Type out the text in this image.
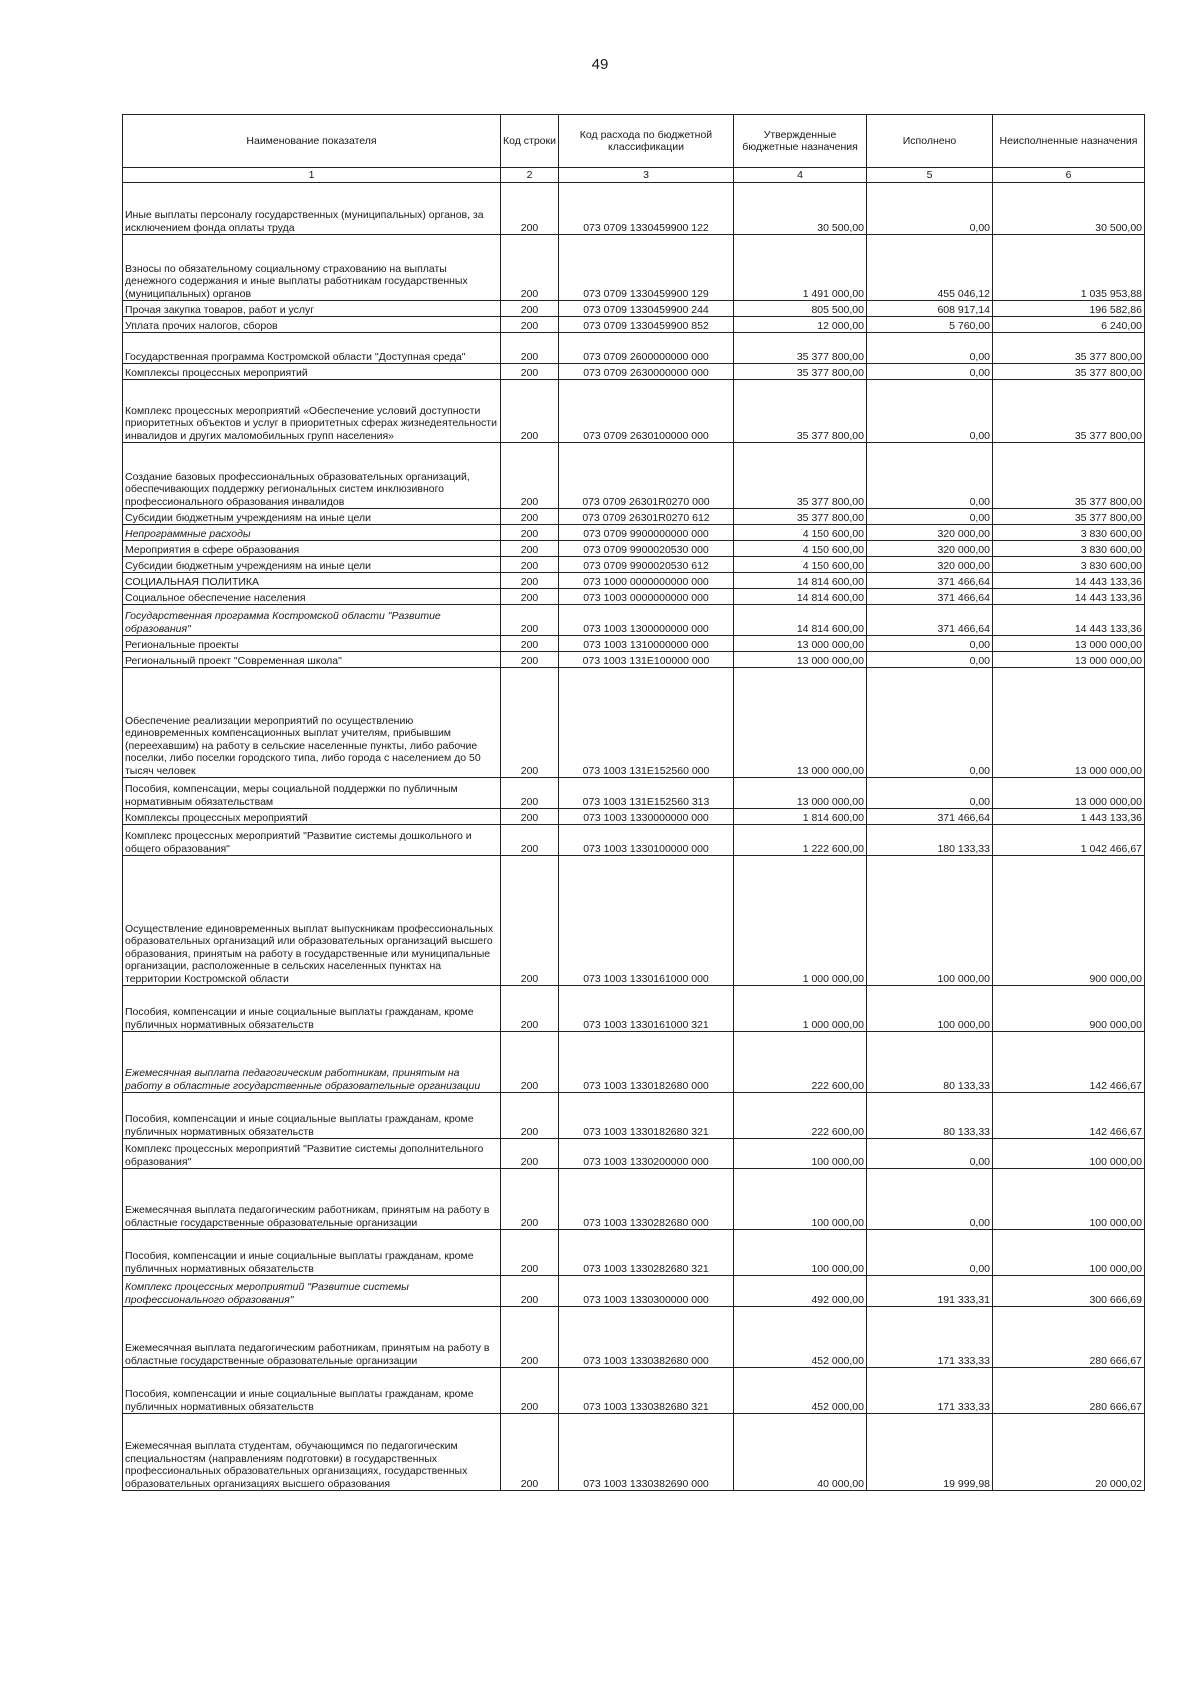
49
Наименование показателя	Код строки	Код расхода по бюджетной классификации	Утвержденные бюджетные назначения	Исполнено	Неисполненные назначения
1	2	3	4	5	6
Иные выплаты персоналу государственных (муниципальных) органов, за исключением фонда оплаты труда	200	073 0709 1330459900 122	30 500,00	0,00	30 500,00
Взносы по обязательному социальному страхованию на выплаты денежного содержания и иные выплаты работникам государственных (муниципальных) органов	200	073 0709 1330459900 129	1 491 000,00	455 046,12	1 035 953,88
Прочая закупка товаров, работ и услуг	200	073 0709 1330459900 244	805 500,00	608 917,14	196 582,86
Уплата прочих налогов, сборов	200	073 0709 1330459900 852	12 000,00	5 760,00	6 240,00
Государственная программа Костромской области "Доступная среда"	200	073 0709 2600000000 000	35 377 800,00	0,00	35 377 800,00
Комплексы процессных мероприятий	200	073 0709 2630000000 000	35 377 800,00	0,00	35 377 800,00
Комплекс процессных мероприятий «Обеспечение условий доступности приоритетных объектов и услуг в приоритетных сферах жизнедеятельности инвалидов и других маломобильных групп населения»	200	073 0709 2630100000 000	35 377 800,00	0,00	35 377 800,00
Создание базовых профессиональных образовательных организаций, обеспечивающих поддержку региональных систем инклюзивного профессионального образования инвалидов	200	073 0709 26301R0270 000	35 377 800,00	0,00	35 377 800,00
Субсидии бюджетным учреждениям на иные цели	200	073 0709 26301R0270 612	35 377 800,00	0,00	35 377 800,00
Непрограммные расходы	200	073 0709 9900000000 000	4 150 600,00	320 000,00	3 830 600,00
Мероприятия в сфере образования	200	073 0709 9900020530 000	4 150 600,00	320 000,00	3 830 600,00
Субсидии бюджетным учреждениям на иные цели	200	073 0709 9900020530 612	4 150 600,00	320 000,00	3 830 600,00
СОЦИАЛЬНАЯ ПОЛИТИКА	200	073 1000 0000000000 000	14 814 600,00	371 466,64	14 443 133,36
Социальное обеспечение населения	200	073 1003 0000000000 000	14 814 600,00	371 466,64	14 443 133,36
Государственная программа Костромской области "Развитие образования"	200	073 1003 1300000000 000	14 814 600,00	371 466,64	14 443 133,36
Региональные проекты	200	073 1003 1310000000 000	13 000 000,00	0,00	13 000 000,00
Региональный проект "Современная школа"	200	073 1003 131E100000 000	13 000 000,00	0,00	13 000 000,00
Обеспечение реализации мероприятий по осуществлению единовременных компенсационных выплат учителям, прибывшим (переехавшим) на работу в сельские населенные пункты, либо рабочие поселки, либо поселки городского типа, либо города с населением до 50 тысяч человек	200	073 1003 131E152560 000	13 000 000,00	0,00	13 000 000,00
Пособия, компенсации, меры социальной поддержки по публичным нормативным обязательствам	200	073 1003 131E152560 313	13 000 000,00	0,00	13 000 000,00
Комплексы процессных мероприятий	200	073 1003 1330000000 000	1 814 600,00	371 466,64	1 443 133,36
Комплекс процессных мероприятий "Развитие системы дошкольного и общего образования"	200	073 1003 1330100000 000	1 222 600,00	180 133,33	1 042 466,67
Осуществление единовременных выплат выпускникам профессиональных образовательных организаций или образовательных организаций высшего образования, принятым на работу в государственные или муниципальные организации, расположенные в сельских населенных пунктах на территории Костромской области	200	073 1003 1330161000 000	1 000 000,00	100 000,00	900 000,00
Пособия, компенсации и иные социальные выплаты гражданам, кроме публичных нормативных обязательств	200	073 1003 1330161000 321	1 000 000,00	100 000,00	900 000,00
Ежемесячная выплата педагогическим работникам, принятым на работу в областные государственные образовательные организации	200	073 1003 1330182680 000	222 600,00	80 133,33	142 466,67
Пособия, компенсации и иные социальные выплаты гражданам, кроме публичных нормативных обязательств	200	073 1003 1330182680 321	222 600,00	80 133,33	142 466,67
Комплекс процессных мероприятий "Развитие системы дополнительного образования"	200	073 1003 1330200000 000	100 000,00	0,00	100 000,00
Ежемесячная выплата педагогическим работникам, принятым на работу в областные государственные образовательные организации	200	073 1003 1330282680 000	100 000,00	0,00	100 000,00
Пособия, компенсации и иные социальные выплаты гражданам, кроме публичных нормативных обязательств	200	073 1003 1330282680 321	100 000,00	0,00	100 000,00
Комплекс процессных мероприятий "Развитие системы профессионального образования"	200	073 1003 1330300000 000	492 000,00	191 333,31	300 666,69
Ежемесячная выплата педагогическим работникам, принятым на работу в областные государственные образовательные организации	200	073 1003 1330382680 000	452 000,00	171 333,33	280 666,67
Пособия, компенсации и иные социальные выплаты гражданам, кроме публичных нормативных обязательств	200	073 1003 1330382680 321	452 000,00	171 333,33	280 666,67
Ежемесячная выплата студентам, обучающимся по педагогическим специальностям (направлениям подготовки) в государственных профессиональных образовательных организациях, государственных образовательных организациях высшего образования	200	073 1003 1330382690 000	40 000,00	19 999,98	20 000,02
